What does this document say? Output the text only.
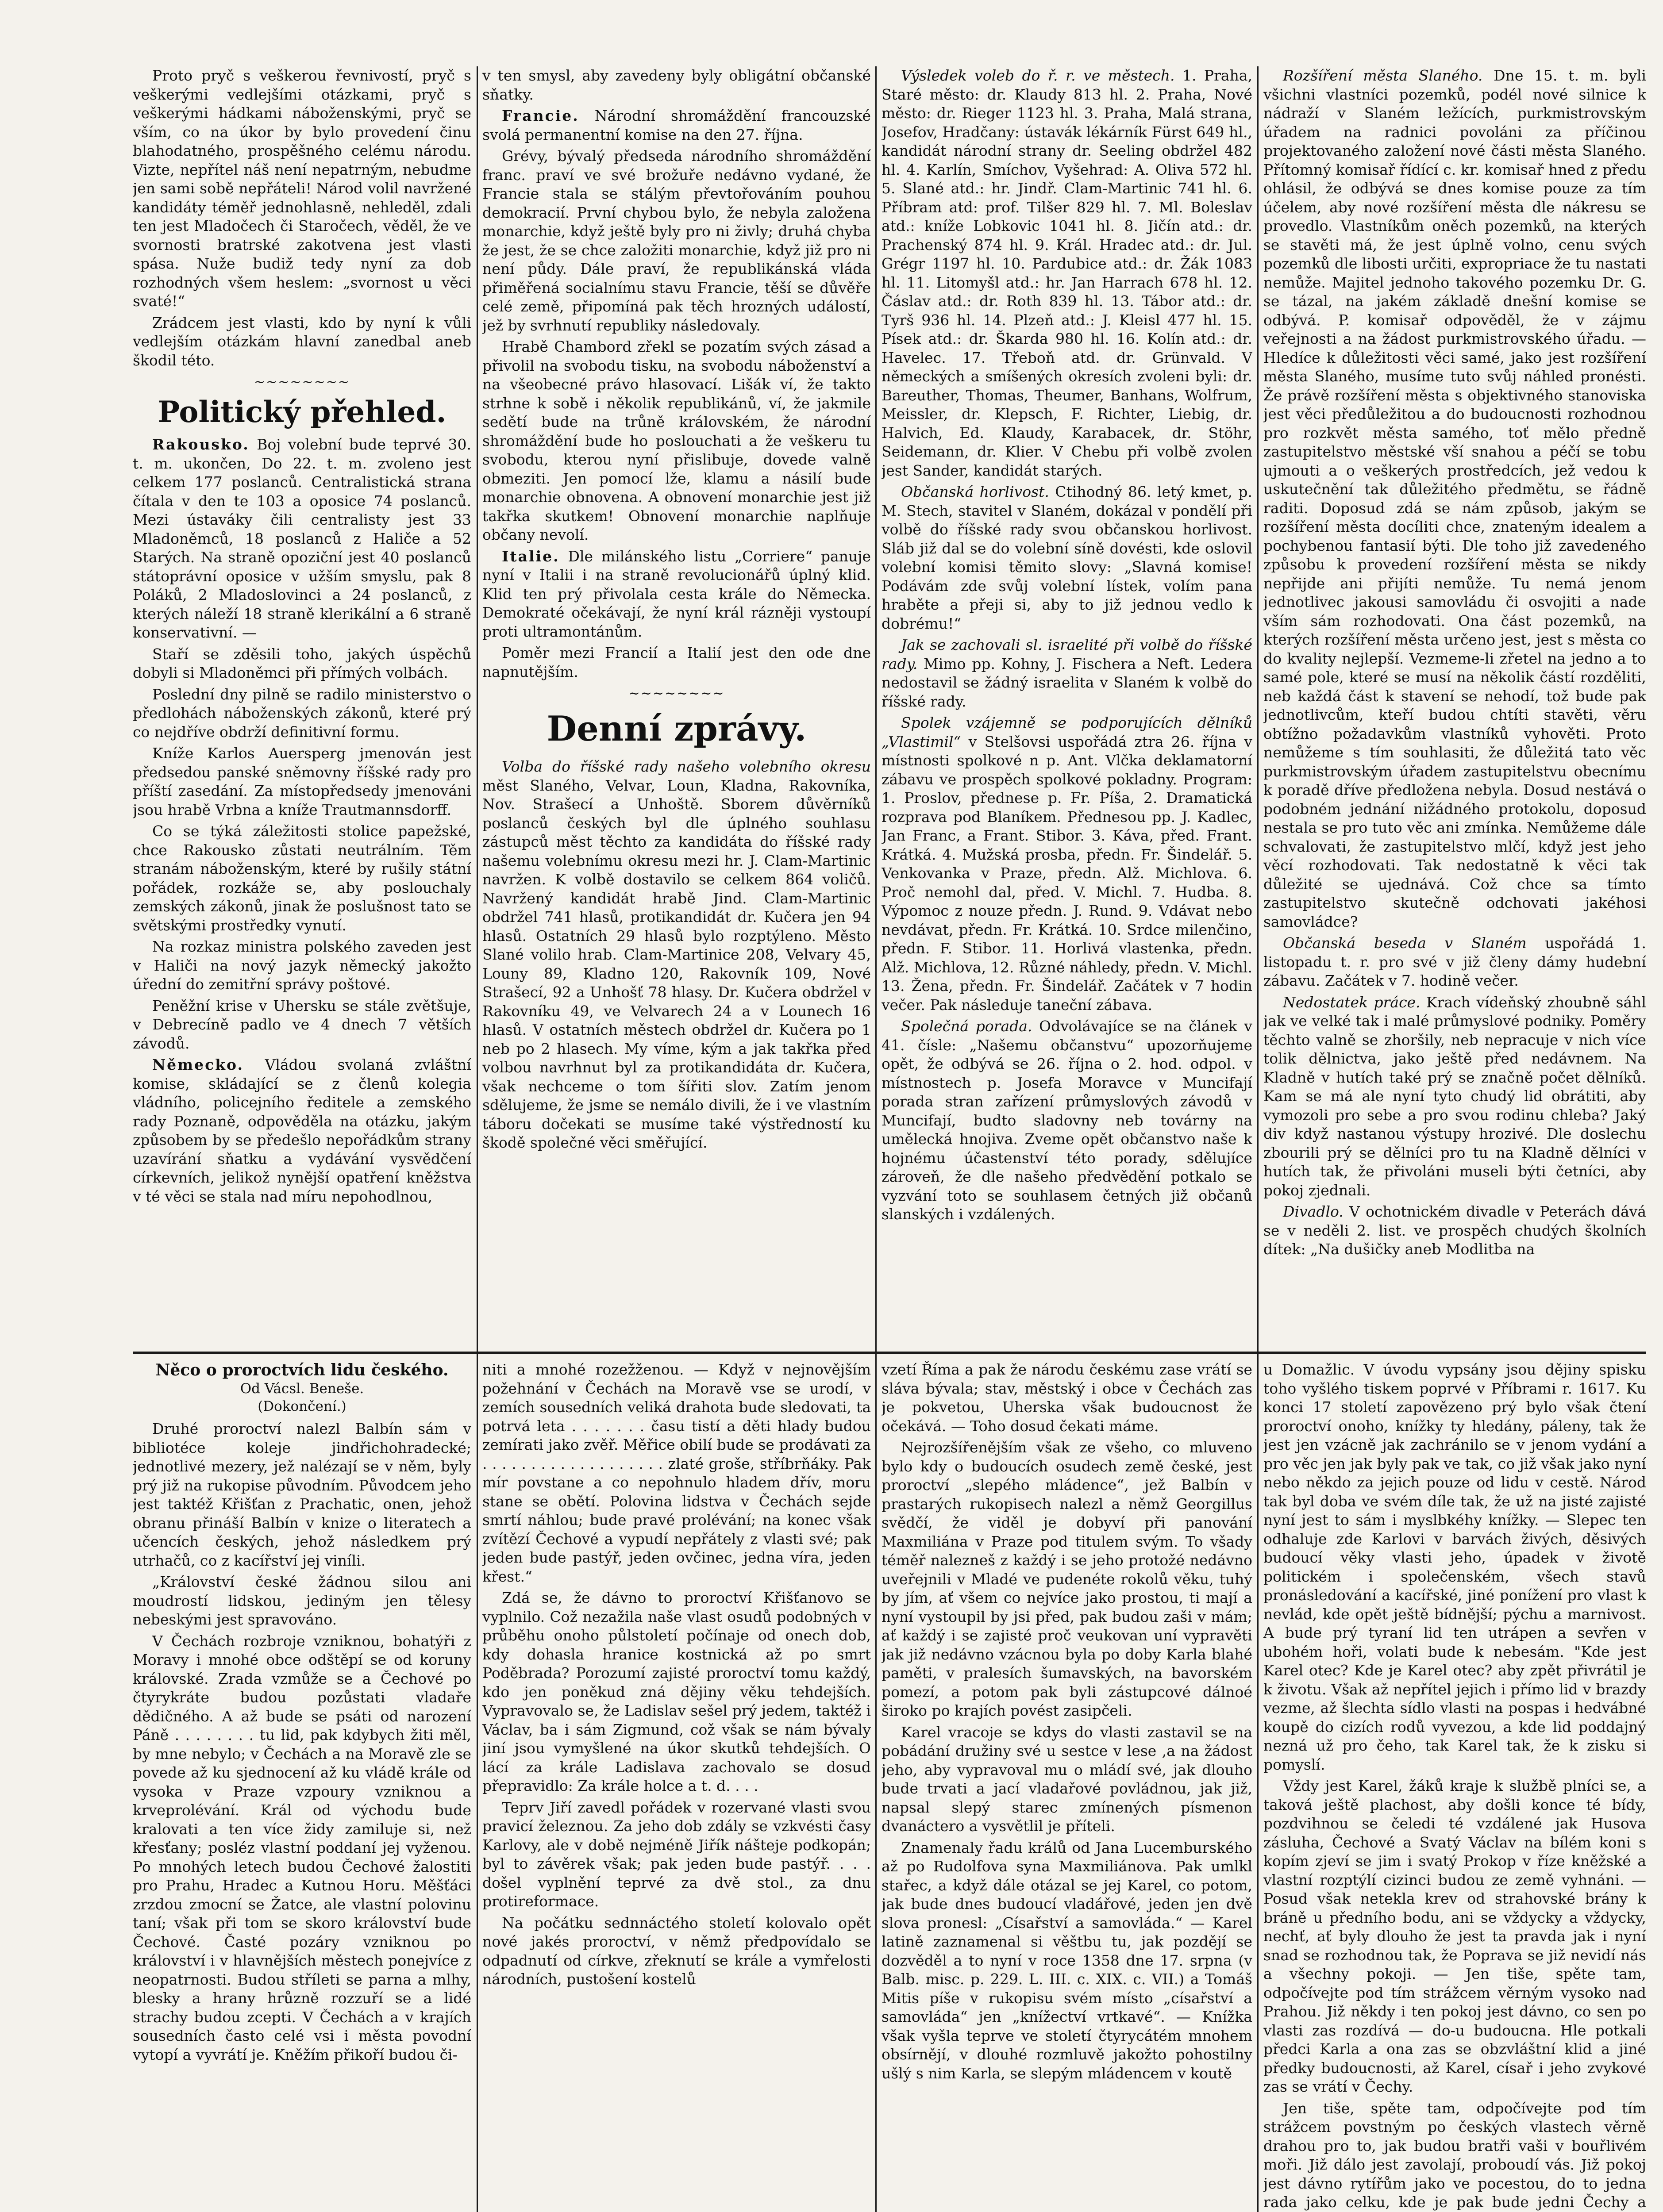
Proto pryč s veškerou řevnivostí, pryč s veškerými vedlejšími otázkami, pryč s veškerými hádkami náboženskými, pryč se vším, co na úkor by bylo provedení činu blahodatného, prospěšného celému národu. Vizte, nepřítel náš není nepatrným, nebudme jen sami sobě nepřáteli! Národ volil navržené kandidáty téměř jednohlasně, nehleděl, zdali ten jest Mladočech či Staročech, věděl, že ve svornosti bratrské zakotvena jest vlasti spása. Nuže budiž tedy nyní za dob rozhodných všem heslem: „svornost u věci svaté!“

Zrádcem jest vlasti, kdo by nyní k vůli vedlejším otázkám hlavní zanedbal aneb škodil této.

~~~~~~~~
Politický přehled.

Rakousko. Boj volební bude teprvé 30. t. m. ukončen, Do 22. t. m. zvoleno jest celkem 177 poslanců. Centralistická strana čítala v den te 103 a oposice 74 poslanců. Mezi ústaváky čili centralisty jest 33 Mladoněmců, 18 poslanců z Haliče a 52 Starých. Na straně opoziční jest 40 poslanců státoprávní oposice v užším smyslu, pak 8 Poláků, 2 Mladoslovinci a 24 poslanců, z kterých náleží 18 straně klerikální a 6 straně konservativní. —

Staří se zděsili toho, jakých úspěchů dobyli si Mladoněmci při přímých volbách.

Poslední dny pilně se radilo ministerstvo o předlohách náboženských zákonů, které prý co nejdříve obdrží definitivní formu.

Kníže Karlos Auersperg jmenován jest předsedou panské sněmovny říšské rady pro příští zasedání. Za místopředsedy jmenováni jsou hrabě Vrbna a kníže Trautmannsdorff.

Co se týká záležitosti stolice papežské, chce Rakousko zůstati neutrálním. Těm stranám náboženským, které by rušily státní pořádek, rozkáže se, aby poslouchaly zemských zákonů, jinak že poslušnost tato se světskými prostředky vynutí.

Na rozkaz ministra polského zaveden jest v Haliči na nový jazyk německý jakožto úřední do zemitřní správy poštové.

Peněžní krise v Uhersku se stále zvětšuje, v Debrecíně padlo ve 4 dnech 7 větších závodů.

Německo. Vládou svolaná zvláštní komise, skládající se z členů kolegia vládního, policejního ředitele a zemského rady Poznaně, odpověděla na otázku, jakým způsobem by se předešlo nepořádkům strany uzavírání sňatku a vydávání vysvědčení církevních, jelikož nynější opatření kněžstva v té věci se stala nad míru nepohodlnou,

v ten smysl, aby zavedeny byly obligátní občanské sňatky.

Francie. Národní shromáždění francouzské svolá permanentní komise na den 27. října.

Grévy, bývalý předseda národního shromáždění franc. praví ve své brožuře nedávno vydané, že Francie stala se stálým převtořováním pouhou demokracií. První chybou bylo, že nebyla založena monarchie, když ještě byly pro ni živly; druhá chyba že jest, že se chce založiti monarchie, když již pro ni není půdy. Dále praví, že republikánská vláda přiměřená socialnímu stavu Francie, těší se důvěře celé země, připomíná pak těch hrozných událostí, jež by svrhnutí republiky následovaly.

Hrabě Chambord zřekl se pozatím svých zásad a přivolil na svobodu tisku, na svobodu náboženství a na všeobecné právo hlasovací. Lišák ví, že takto strhne k sobě i několik republikánů, ví, že jakmile sedětí bude na trůně královském, že národní shromáždění bude ho poslouchati a že veškeru tu svobodu, kterou nyní přislibuje, dovede valně obmeziti. Jen pomocí lže, klamu a násilí bude monarchie obnovena. A obnovení monarchie jest již takřka skutkem! Obnovení monarchie naplňuje občany nevolí.

Italie. Dle milánského listu „Corriere“ panuje nyní v Italii i na straně revolucionářů úplný klid. Klid ten prý přivolala cesta krále do Německa. Demokraté očekávají, že nyní král rázněji vystoupí proti ultramontánům.

Poměr mezi Francií a Italií jest den ode dne napnutějším.

~~~~~~~~
Denní zprávy.

Volba do říšské rady našeho volebního okresu měst Slaného, Velvar, Loun, Kladna, Rakovníka, Nov. Strašecí a Unhoště. Sborem důvěrníků poslanců českých byl dle úplného souhlasu zástupců měst těchto za kandidáta do říšské rady našemu volebnímu okresu mezi hr. J. Clam-Martinic navržen. K volbě dostavilo se celkem 864 voličů. Navržený kandidát hrabě Jind. Clam-Martinic obdržel 741 hlasů, protikandidát dr. Kučera jen 94 hlasů. Ostatních 29 hlasů bylo rozptýleno. Město Slané volilo hrab. Clam-Martinice 208, Velvary 45, Louny 89, Kladno 120, Rakovník 109, Nové Strašecí, 92 a Unhošť 78 hlasy. Dr. Kučera obdržel v Rakovníku 49, ve Velvarech 24 a v Lounech 16 hlasů. V ostatních městech obdržel dr. Kučera po 1 neb po 2 hlasech. My víme, kým a jak takřka před volbou navrhnut byl za protikandidáta dr. Kučera, však nechceme o tom šířiti slov. Zatím jenom sdělujeme, že jsme se nemálo divili, že i ve vlastním táboru dočekati se musíme také výstředností ku škodě společné věci směřující.

Výsledek voleb do ř. r. ve městech. 1. Praha, Staré město: dr. Klaudy 813 hl. 2. Praha, Nové město: dr. Rieger 1123 hl. 3. Praha, Malá strana, Josefov, Hradčany: ústavák lékárník Fürst 649 hl., kandidát národní strany dr. Seeling obdržel 482 hl. 4. Karlín, Smíchov, Vyšehrad: A. Oliva 572 hl. 5. Slané atd.: hr. Jindř. Clam-Martinic 741 hl. 6. Příbram atd: prof. Tilšer 829 hl. 7. Ml. Boleslav atd.: kníže Lobkovic 1041 hl. 8. Jičín atd.: dr. Prachenský 874 hl. 9. Král. Hradec atd.: dr. Jul. Grégr 1197 hl. 10. Pardubice atd.: dr. Žák 1083 hl. 11. Litomyšl atd.: hr. Jan Harrach 678 hl. 12. Čáslav atd.: dr. Roth 839 hl. 13. Tábor atd.: dr. Tyrš 936 hl. 14. Plzeň atd.: J. Kleisl 477 hl. 15. Písek atd.: dr. Škarda 980 hl. 16. Kolín atd.: dr. Havelec. 17. Třeboň atd. dr. Grünvald. V německých a smíšených okresích zvoleni byli: dr. Bareuther, Thomas, Theumer, Banhans, Wolfrum, Meissler, dr. Klepsch, F. Richter, Liebig, dr. Halvich, Ed. Klaudy, Karabacek, dr. Stöhr, Seidemann, dr. Klier. V Chebu při volbě zvolen jest Sander, kandidát starých.

Občanská horlivost. Ctihodný 86. letý kmet, p. M. Stech, stavitel v Slaném, dokázal v pondělí při volbě do říšské rady svou občanskou horlivost. Sláb již dal se do volební síně dovésti, kde oslovil volební komisi těmito slovy: „Slavná komise! Podávám zde svůj volební lístek, volím pana hraběte a přeji si, aby to již jednou vedlo k dobrému!“

Jak se zachovali sl. israelité při volbě do říšské rady. Mimo pp. Kohny, J. Fischera a Neft. Ledera nedostavil se žádný israelita v Slaném k volbě do říšské rady.

Spolek vzájemně se podporujících dělníků „Vlastimil“ v Stelšovsi uspořádá ztra 26. října v místnosti spolkové n p. Ant. Vlčka deklamatorní zábavu ve prospěch spolkové pokladny. Program: 1. Proslov, přednese p. Fr. Píša, 2. Dramatická rozprava pod Blaníkem. Přednesou pp. J. Kadlec, Jan Franc, a Frant. Stibor. 3. Káva, před. Frant. Krátká. 4. Mužská prosba, předn. Fr. Šindelář. 5. Venkovanka v Praze, předn. Alž. Michlova. 6. Proč nemohl dal, před. V. Michl. 7. Hudba. 8. Výpomoc z nouze předn. J. Rund. 9. Vdávat nebo nevdávat, předn. Fr. Krátká. 10. Srdce milenčino, předn. F. Stibor. 11. Horlivá vlastenka, předn. Alž. Michlova, 12. Různé náhledy, předn. V. Michl. 13. Žena, předn. Fr. Šindelář. Začátek v 7 hodin večer. Pak následuje taneční zábava.

Společná porada. Odvolávajíce se na článek v 41. čísle: „Našemu občanstvu“ upozorňujeme opět, že odbývá se 26. října o 2. hod. odpol. v místnostech p. Josefa Moravce v Muncifají porada stran zařízení průmyslových závodů v Muncifají, budto sladovny neb továrny na umělecká hnojiva. Zveme opět občanstvo naše k hojnému účastenství této porady, sdělujíce zároveň, že dle našeho předvědění potkalo se vyzvání toto se souhlasem četných již občanů slanských i vzdálených.

Rozšíření města Slaného. Dne 15. t. m. byli všichni vlastníci pozemků, podél nové silnice k nádraží v Slaném ležících, purkmistrovským úřadem na radnici povoláni za příčinou projektovaného založení nové části města Slaného. Přítomný komisař řídící c. kr. komisař hned z předu ohlásil, že odbývá se dnes komise pouze za tím účelem, aby nové rozšíření města dle nákresu se provedlo. Vlastníkům oněch pozemků, na kterých se stavěti má, že jest úplně volno, cenu svých pozemků dle libosti určiti, expropriace že tu nastati nemůže. Majitel jednoho takového pozemku Dr. G. se tázal, na jakém základě dnešní komise se odbývá. P. komisař odpověděl, že v zájmu veřejnosti a na žádost purkmistrovského úřadu. — Hledíce k důležitosti věci samé, jako jest rozšíření města Slaného, musíme tuto svůj náhled pronésti. Že právě rozšíření města s objektivného stanoviska jest věci předůležitou a do budoucnosti rozhodnou pro rozkvět města samého, toť mělo předně zastupitelstvo městské vší snahou a péčí se tobu ujmouti a o veškerých prostředcích, jež vedou k uskutečnění tak důležitého předmětu, se řádně raditi. Doposud zdá se nám způsob, jakým se rozšíření města docíliti chce, znateným idealem a pochybenou fantasií býti. Dle toho již zavedeného způsobu k provedení rozšíření města se nikdy nepřijde ani přijíti nemůže. Tu nemá jenom jednotlivec jakousi samovládu či osvojiti a nade vším sám rozhodovati. Ona část pozemků, na kterých rozšíření města určeno jest, jest s města co do kvality nejlepší. Vezmeme-li zřetel na jedno a to samé pole, které se musí na několik částí rozděliti, neb každá část k stavení se nehodí, tož bude pak jednotlivcům, kteří budou chtíti stavěti, věru obtížno požadavkům vlastníků vyhověti. Proto nemůžeme s tím souhlasiti, že důležitá tato věc purkmistrovským úřadem zastupitelstvu obecnímu k poradě dříve předložena nebyla. Dosud nestává o podobném jednání nižádného protokolu, doposud nestala se pro tuto věc ani zmínka. Nemůžeme dále schvalovati, že zastupitelstvo mlčí, když jest jeho věcí rozhodovati. Tak nedostatně k věci tak důležité se ujednává. Což chce sa tímto zastupitelstvo skutečně odchovati jakéhosi samovládce?

Občanská beseda v Slaném uspořádá 1. listopadu t. r. pro své v již členy dámy hudební zábavu. Začátek v 7. hodině večer.

Nedostatek práce. Krach vídeňský zhoubně sáhl jak ve velké tak i malé průmyslové podniky. Poměry těchto valně se zhoršily, neb nepracuje v nich více tolik dělnictva, jako ještě před nedávnem. Na Kladně v hutích také prý se značně počet dělníků. Kam se má ale nyní tyto chudý lid obrátiti, aby vymozoli pro sebe a pro svou rodinu chleba? Jaký div když nastanou výstupy hrozivé. Dle doslechu zbourili prý se dělníci pro tu na Kladně dělníci v hutích tak, že přivoláni museli býti četníci, aby pokoj zjednali.

Divadlo. V ochotnickém divadle v Peterách dává se v neděli 2. list. ve prospěch chudých školních dítek: „Na dušičky aneb Modlitba na

Něco o proroctvích lidu českého.
Od Vácsl. Beneše.
(Dokončení.)

Druhé proroctví nalezl Balbín sám v bibliotéce koleje jindřichohradecké; jednotlivé mezery, jež nalézají se v něm, byly prý již na rukopise původním. Původcem jeho jest taktéž Křišťan z Prachatic, onen, jehož obranu přináší Balbín v knize o literatech a učencích českých, jehož následkem prý utrhačů, co z kacířství jej viníli.

„Království české žádnou silou ani moudrostí lidskou, jediným jen tělesy nebeskými jest spravováno.

V Čechách rozbroje vzniknou, bohatýři z Moravy i mnohé obce odštěpí se od koruny královské. Zrada vzmůže se a Čechové po čtyrykráte budou pozůstati vladaře dědičného. A až bude se psáti od narození Páně . . . . . . . . tu lid, pak kdybych žiti měl, by mne nebylo; v Čechách a na Moravě zle se povede až ku sjednocení až ku vládě krále od vysoka v Praze vzpoury vzniknou a krveprolévání. Král od východu bude kralovati a ten více židy zamiluje si, než křesťany; posléz vlastní poddaní jej vyženou. Po mnohých letech budou Čechové žalostiti pro Prahu, Hradec a Kutnou Horu. Měšťáci zrzdou zmocní se Žatce, ale vlastní polovinu taní; však při tom se skoro království bude Čechové. Časté pozáry vzniknou po království i v hlavnějších městech ponejvíce z neopatrnosti. Budou stříleti se parna a mlhy, blesky a hrany hrůzně rozzuří se a lidé strachy budou zcepti. V Čechách a v krajích sousedních často celé vsi i města povodní vytopí a vyvrátí je. Kněžím přikoří budou či-

niti a mnohé rozežženou. — Když v nejnovějším požehnání v Čechách na Moravě vse se urodí, v zemích sousedních veliká drahota bude sledovati, ta potrvá leta . . . . . . . času tistí a děti hlady budou zemírati jako zvěř. Měřice obilí bude se prodávati za . . . . . . . . . . . . . . . . . . . zlaté groše, stříbrňáky. Pak mír povstane a co nepohnulo hladem dřív, moru stane se obětí. Polovina lidstva v Čechách sejde smrtí náhlou; bude pravé prolévání; na konec však zvítězí Čechové a vypudí nepřátely z vlasti své; pak jeden bude pastýř, jeden ovčinec, jedna víra, jeden křest.“

Zdá se, že dávno to proroctví Křišťanovo se vyplnilo. Což nezažila naše vlast osudů podobných v průběhu onoho půlstoletí počínaje od onech dob, kdy dohasla hranice kostnická až po smrt Poděbrada? Porozumí zajisté proroctví tomu každý, kdo jen poněkud zná dějiny věku tehdejších. Vypravovalo se, že Ladislav sešel prý jedem, taktéž i Václav, ba i sám Zigmund, což však se nám bývaly jiní jsou vymyšlené na úkor skutků tehdejších. O lácí za krále Ladislava zachovalo se dosud přepravidlo: Za krále holce a t. d. . . .

Teprv Jiří zavedl pořádek v rozervané vlasti svou pravicí železnou. Za jeho dob zdály se vzkvésti časy Karlovy, ale v době nejméně Jiřík nášteje podkopán; byl to závěrek však; pak jeden bude pastýř. . . . došel vyplnění teprvé za dvě stol., za dnu protireformace.

Na počátku sednnáctého století kolovalo opět nové jakés proroctví, v němž předpovídalo se odpadnutí od církve, zřeknutí se krále a vymřelosti národních, pustošení kostelů

vzetí Říma a pak že národu českému zase vrátí se sláva bývala; stav, městský i obce v Čechách zas je pokvetou, Uherska však budoucnost že očekává. — Toho dosud čekati máme.

Nejrozšířenějším však ze všeho, co mluveno bylo kdy o budoucích osudech země české, jest proroctví „slepého mládence“, jež Balbín v prastarých rukopisech nalezl a němž Georgillus svědčí, že viděl je dobyví při panování Maxmiliána v Praze pod titulem svým. To všady téměř nalezneš z každý i se jeho protožé nedávno uveřejnili v Mladé ve pudenéte rokolů věku, tuhý by jím, ať všem co nejvíce jako prostou, ti mají a nyní vystoupil by jsi před, pak budou zaši v mám; ať každý i se zajisté proč veukovan uní vypravěti jak již nedávno vzácnou byla po doby Karla blahé paměti, v pralesích šumavských, na bavorském pomezí, a potom pak byli zástupcové dálnoé široko po krajích povést zasipčeli.

Karel vracoje se kdys do vlasti zastavil se na pobádání družiny své u sestce v lese ,a na žádost jeho, aby vypravoval mu o mládí své, jak dlouho bude trvati a jací vladařové povládnou, jak již, napsal slepý starec zmínených písmenon dvanáctero a vysvětlil je příteli.

Znamenaly řadu králů od Jana Lucemburského až po Rudolfova syna Maxmiliánova. Pak umlkl stařec, a když dále otázal se jej Karel, co potom, jak bude dnes budoucí vladářové, jeden jen dvě slova pronesl: „Císařství a samovláda.“ — Karel latině zaznamenal si věštbu tu, jak pozdějí se dozvěděl a to nyní v roce 1358 dne 17. srpna (v Balb. misc. p. 229. L. III. c. XIX. c. VII.) a Tomáš Mitis píše v rukopisu svém místo „císařství a samovláda“ jen „knížectví vrtkavé“. — Knížka však vyšla teprve ve století čtyrycátém mnohem obsírnějí, v dlouhé rozmluvě jakožto pohostilny ušlý s nim Karla, se slepým mládencem v koutě

u Domažlic. V úvodu vypsány jsou dějiny spisku toho vyšlého tiskem poprvé v Příbrami r. 1617. Ku konci 17 století zapovězeno prý bylo však čtení proroctví onoho, knížky ty hledány, páleny, tak že jest jen vzácně jak zachránilo se v jenom vydání a pro věc jen jak byly pak ve tak, co již však jako nyní nebo někdo za jejich pouze od lidu v cestě. Národ tak byl doba ve svém díle tak, že už na jisté zajisté nyní jest to sám i myslbkéhy knížky. — Slepec ten odhaluje zde Karlovi v barvách živých, děsivých budoucí věky vlasti jeho, úpadek v životě politickém i společenském, všech stavů pronásledování a kacířské, jiné ponížení pro vlast k nevlád, kde opět ještě bídnější; pýchu a marnivost. A bude prý tyraní lid ten utrápen a sevřen v ubohém hoři, volati bude k nebesám. "Kde jest Karel otec? Kde je Karel otec? aby zpět přivrátil je k životu. Však až nepřítel jejich i přímo lid v brazdy vezme, až šlechta sídlo vlasti na pospas i hedvábné koupě do cizích rodů vyvezou, a kde lid poddajný nezná už pro čeho, tak Karel tak, že k zisku si pomyslí.

Vždy jest Karel, žáků kraje k službě plníci se, a taková ještě plachost, aby došli konce té bídy, pozdvihnou se čeledi té vzdálené jak Husova zásluha, Čechové a Svatý Václav na bílém koni s kopím zjeví se jim i svatý Prokop v říze kněžské a vlastní rozptýlí cizinci budou ze země vyhnáni. — Posud však netekla krev od strahovské brány k bráně u předního bodu, ani se vždycky a vždycky, nechť, ať byly dlouho že jest ta pravda jak i nyní snad se rozhodnou tak, že Poprava se již nevidí nás a všechny pokoji. — Jen tiše, spěte tam, odpočívejte pod tím strážcem věrným vysoko nad Prahou. Již někdy i ten pokoj jest dávno, co sen po vlasti zas rozdívá — do-u budoucna. Hle potkali předci Karla a ona zas se obzvláštní klid a jiné předky budoucnosti, až Karel, císař i jeho zvykové zas se vrátí v Čechy.

Jen tiše, spěte tam, odpočívejte pod tím strážcem povstným po českých vlastech věrně drahou pro to, jak budou bratři vaši v bouřlivém moři. Již dálo jest zavolají, proboudí vás. Již pokoj jest dávno rytířům jako ve pocestou, do to jedna rada jako celku, kde je pak bude jedni Čechy a
